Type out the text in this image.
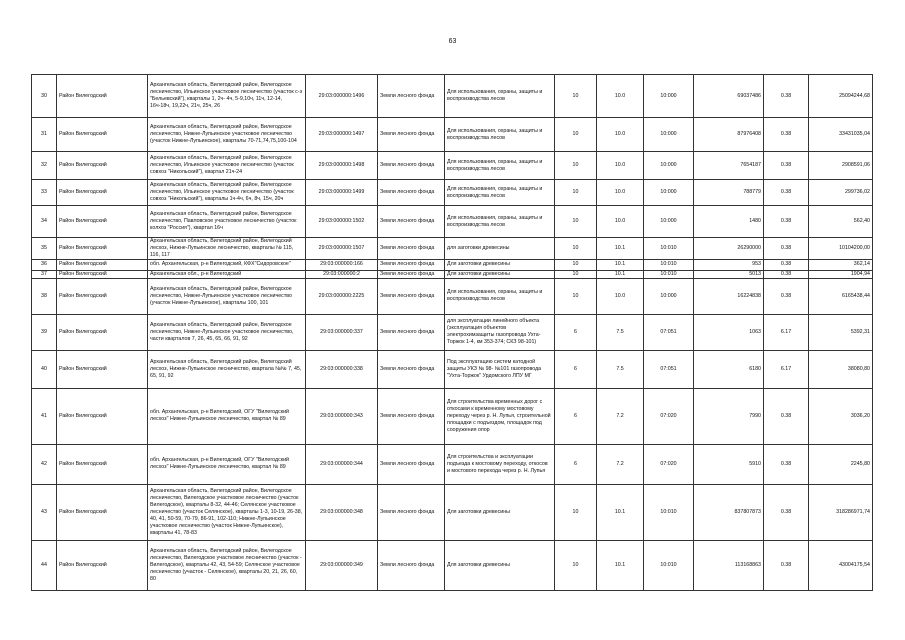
63
30	Район Вилегодский	Архангельская область, Вилегодский район, Вилегодское лесничество, Ильинское участковое лесничество (участок с-з "Бельевский"), кварталы 1, 2ч- 4ч, 5-9,10ч, 11ч, 12-14, 16ч-18ч, 19,22ч, 21ч, 25ч, 26	29:03:000000:1496	Земли лесного фонда	Для использования, охраны, защиты и воспроизводства лесов	10	10.0	10:000	69037486	0.38	25094244,68
31	Район Вилегодский	Архангельская область, Вилегодский район, Вилегодское лесничество, Нижне-Лупьинское участковое лесничество (участок Нижне-Лупьинское), кварталы 70-71,74,75,100-104	29:03:000000:1497	Земли лесного фонда	Для использования, охраны, защиты и воспроизводства лесов	10	10.0	10:000	87976408	0.38	33431035,04
32	Район Вилегодский	Архангельская область, Вилегодский район, Вилегодское лесничество, Ильинское участковое лесничество (участок совхоз "Никольский"), квартал 21ч-24	29:03:000000:1498	Земли лесного фонда	Для использования, охраны, защиты и воспроизводства лесов	10	10.0	10:000	7654187	0.38	2908591,06
33	Район Вилегодский	Архангельская область, Вилегодский район, Вилегодское лесничество, Ильинское участковое лесничество (участок совхоз "Никольский"), кварталы 1ч-4ч, 6ч, 8ч, 15ч, 20ч	29:03:000000:1499	Земли лесного фонда	Для использования, охраны, защиты и воспроизводства лесов	10	10.0	10:000	788779	0.38	299736,02
34	Район Вилегодский	Архангельская область, Вилегодский район, Вилегодское лесничество, Павловское участковое лесничество (участок колхоз "Россия"), квартал 16ч	29:03:000000:1502	Земли лесного фонда	Для использования, охраны, защиты и воспроизводства лесов	10	10.0	10:000	1480	0.38	562,40
35	Район Вилегодский	Архангельская область, Вилегодский район, Вилегодский лесхоз, Нижне-Лупьинское лесничество, кварталы № 115, 116, 117	29:03:000000:1507	Земли лесного фонда	для заготовки древесины	10	10.1	10:010	26290000	0.38	10104200,00
36	Район Вилегодский	обл. Архангельская, р-н Вилегодский, КФХ"Сидоровское"	29:03:000000:166	Земли лесного фонда	Для заготовки древесины	10	10.1	10:010	953	0.38	362,14
37	Район Вилегодский	Архангельская обл., р-н Вилегодский	29:03:000000:2	Земли лесного фонда	Для заготовки древесины	10	10.1	10:010	5013	0.38	1904,94
38	Район Вилегодский	Архангельская область, Вилегодский район, Вилегодское лесничество, Нижне-Лупьинское участковое лесничество (участок Нижне-Лупьинское), кварталы 100, 101	29:03:000000:2225	Земли лесного фонда	Для использования, охраны, защиты и воспроизводства лесов	10	10.0	10:000	16224838	0.38	6165438,44
39	Район Вилегодский	Архангельская область, Вилегодский район, Вилегодское лесничество, Нижне-Лупьинское участковое лесничество, части кварталов 7, 26, 45, 65, 66, 91, 92	29:03:000000:337	Земли лесного фонда	для эксплуатации линейного объекта (эксплуатация объектов электрохимзащиты газопровода Ухта-Торжок 1-4, км 353-374; СКЗ 98-101)	6	7.5	07:051	1063	6.17	5392,31
40	Район Вилегодский	Архангельская область, Вилегодский район, Вилегодский лесхоз, Нижне-Лупьинское лесничество, квартала №№ 7, 45, 65, 91, 92	29:03:000000:338	Земли лесного фонда	Под эксплуатацию систем катодной защиты УКЗ № 98- №101 газопровода "Ухта-Торжок" Урдомского ЛПУ МГ	6	7.5	07:051	6180	6.17	38080,80
41	Район Вилегодский	обл. Архангельская, р-н Вилегодский, ОГУ "Вилегодский лесхоз" Нижне-Лупьинское лесничество, квартал № 89	29:03:000000:343	Земли лесного фонда	Для строительства временных дорог с откосами к временному мостовому переходу через р. Н. Лупья, строительной площадки с подъездом, площадок под сооружения опор	6	7.2	07:020	7990	0.38	3036,20
42	Район Вилегодский	обл. Архангельская, р-н Вилегодский, ОГУ "Вилегодский лесхоз" Нижне-Лупьинское лесничество, квартал № 89	29:03:000000:344	Земли лесного фонда	Для строительства и эксплуатации подъезда к мостовому переходу, откосов и мостового перехода через р. Н. Лупья	6	7.2	07:020	5910	0.38	2245,80
43	Район Вилегодский	Архангельская область, Вилегодский район, Вилегодское лесничество, Вилегодское участковое лесничество (участок Вилегодское), кварталы 8-32, 44-46; Селянское участковое лесничество (участок Селянское), кварталы 1-3, 10-19, 26-38, 40, 41, 50-59, 70-79, 86-91, 102-110; Нижне-Лупьинское участковое лесничество (участок Нижне-Лупьинское), кварталы 41, 78-83	29:03:000000:348	Земли лесного фонда	Для заготовки древесины	10	10.1	10:010	837807873	0.38	318286971,74
44	Район Вилегодский	Архангельская область, Вилегодский район, Вилегодское лесничество, Вилегодское участковое лесничество (участок - Вилегодское), кварталы 42, 43, 54-59; Селянское участковое лесничество (участок - Селянское), кварталы 20, 21, 26, 60, 80	29:03:000000:349	Земли лесного фонда	Для заготовки древесины	10	10.1	10:010	113168863	0.38	43004175,54
